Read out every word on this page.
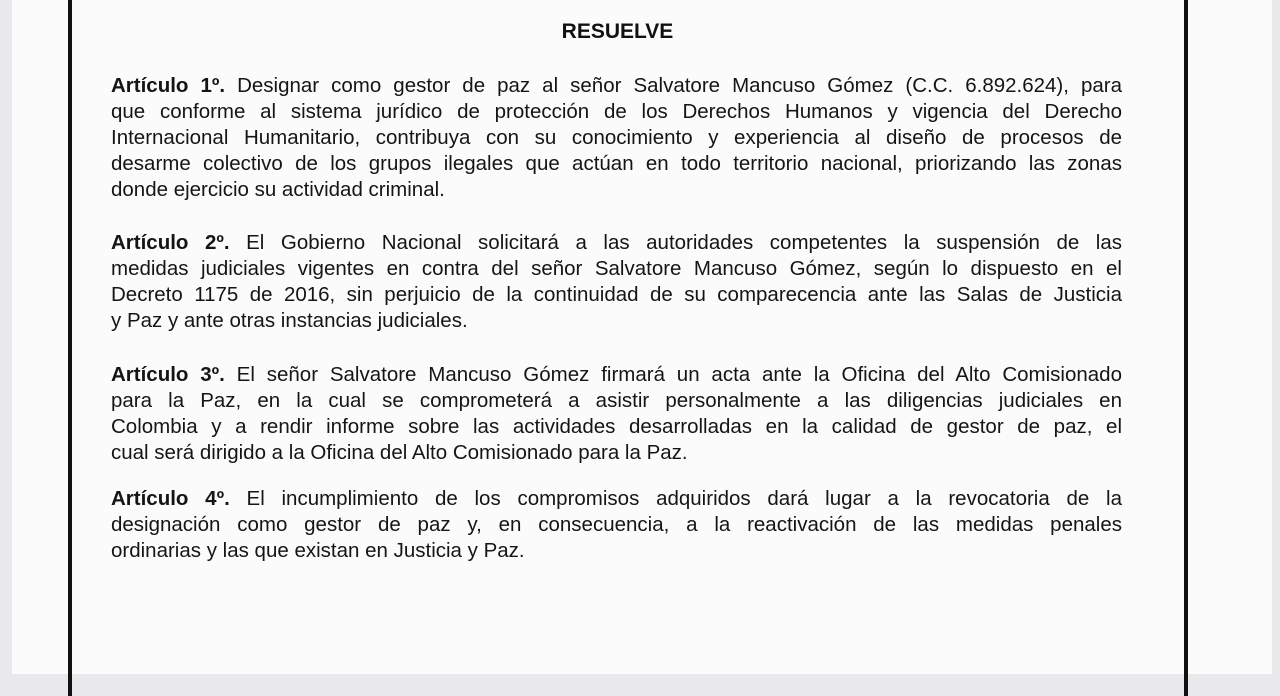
RESUELVE
Artículo 1º. Designar como gestor de paz al señor Salvatore Mancuso Gómez (C.C. 6.892.624), para
que conforme al sistema jurídico de protección de los Derechos Humanos y vigencia del Derecho
Internacional Humanitario, contribuya con su conocimiento y experiencia al diseño de procesos de
desarme colectivo de los grupos ilegales que actúan en todo territorio nacional, priorizando las zonas
donde ejercicio su actividad criminal.
Artículo 2º. El Gobierno Nacional solicitará a las autoridades competentes la suspensión de las
medidas judiciales vigentes en contra del señor Salvatore Mancuso Gómez, según lo dispuesto en el
Decreto 1175 de 2016, sin perjuicio de la continuidad de su comparecencia ante las Salas de Justicia
y Paz y ante otras instancias judiciales.
Artículo 3º. El señor Salvatore Mancuso Gómez firmará un acta ante la Oficina del Alto Comisionado
para la Paz, en la cual se comprometerá a asistir personalmente a las diligencias judiciales en
Colombia y a rendir informe sobre las actividades desarrolladas en la calidad de gestor de paz, el
cual será dirigido a la Oficina del Alto Comisionado para la Paz.
Artículo 4º. El incumplimiento de los compromisos adquiridos dará lugar a la revocatoria de la
designación como gestor de paz y, en consecuencia, a la reactivación de las medidas penales
ordinarias y las que existan en Justicia y Paz.
